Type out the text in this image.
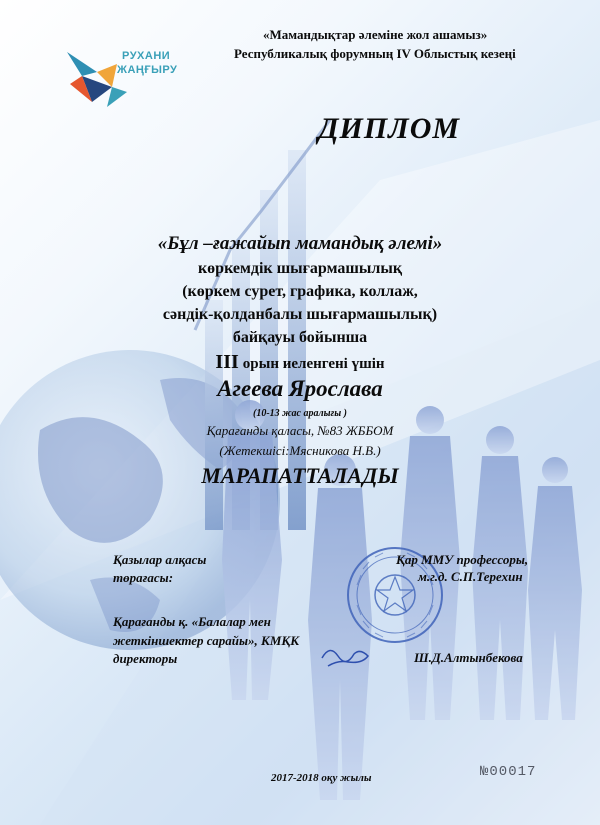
РУХАНИ
ЖАҢҒЫРУ
«Мамандықтар әлеміне жол ашамыз»
Республикалық форумның IV Облыстық кезеңі
ДИПЛОМ
«Бұл –ғажайып мамандық әлемі»
көркемдік шығармашылық
(көркем сурет, графика, коллаж,
сәндік-қолданбалы шығармашылық)
байқауы бойынша
ІІІ орын иеленгені үшін
Агеева Ярослава
(10-13 жас аралығы )
Қарағанды қаласы, №83 ЖББОМ
(Жетекшісі:Мясникова Н.В.)
МАРАПАТТАЛАДЫ
Қазылар алқасы
төрағасы:
Қар ММУ профессоры,
м.г.д. С.П.Терехин
Қарағанды қ. «Балалар мен
жеткіншектер сарайы», КМҚК
директоры	Ш.Д.Алтынбекова
2017-2018 оқу жылы	№00017
